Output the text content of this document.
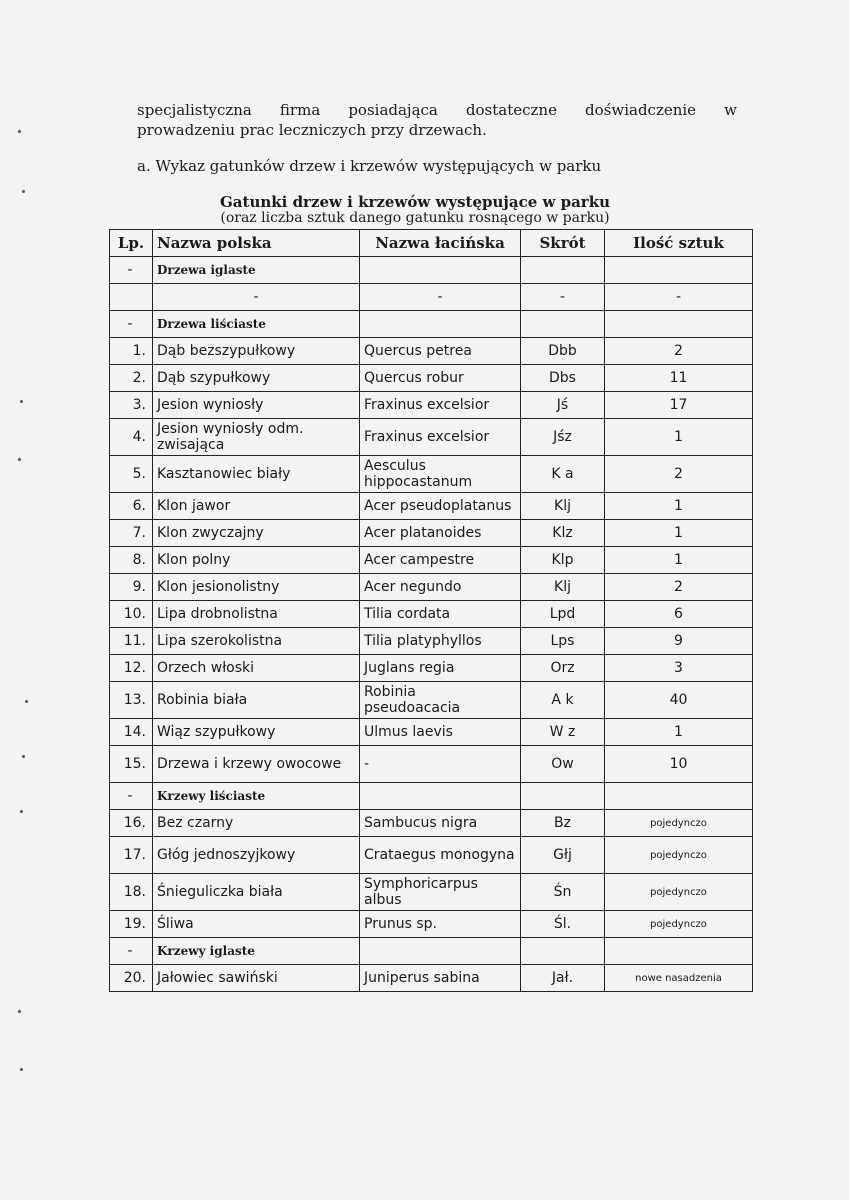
specjalistyczna firma posiadająca dostateczne doświadczenie w
prowadzeniu prac leczniczych przy drzewach.
a. Wykaz gatunków drzew i krzewów występujących w parku
Gatunki drzew i krzewów występujące w parku
(oraz liczba sztuk danego gatunku rosnącego w parku)
Lp.	Nazwa polska	Nazwa łacińska	Skrót	Ilość sztuk
-	Drzewa iglaste			
	-	-	-	-
-	Drzewa liściaste			
1.	Dąb bezszypułkowy	Quercus petrea	Dbb	2
2.	Dąb szypułkowy	Quercus robur	Dbs	11
3.	Jesion wyniosły	Fraxinus excelsior	Jś	17
4.	Jesion wyniosły odm. zwisająca	Fraxinus excelsior	Jśz	1
5.	Kasztanowiec biały	Aesculus hippocastanum	K a	2
6.	Klon jawor	Acer pseudoplatanus	Klj	1
7.	Klon zwyczajny	Acer platanoides	Klz	1
8.	Klon polny	Acer campestre	Klp	1
9.	Klon jesionolistny	Acer negundo	Klj	2
10.	Lipa drobnolistna	Tilia cordata	Lpd	6
11.	Lipa szerokolistna	Tilia platyphyllos	Lps	9
12.	Orzech włoski	Juglans regia	Orz	3
13.	Robinia biała	Robinia pseudoacacia	A k	40
14.	Wiąz szypułkowy	Ulmus laevis	W z	1
15.	Drzewa i krzewy owocowe	-	Ow	10
-	Krzewy liściaste			
16.	Bez czarny	Sambucus nigra	Bz	pojedynczo
17.	Głóg jednoszyjkowy	Crataegus monogyna	Głj	pojedynczo
18.	Śnieguliczka biała	Symphoricarpus albus	Śn	pojedynczo
19.	Śliwa	Prunus sp.	Śl.	pojedynczo
-	Krzewy iglaste			
20.	Jałowiec sawiński	Juniperus sabina	Jał.	nowe nasadzenia
